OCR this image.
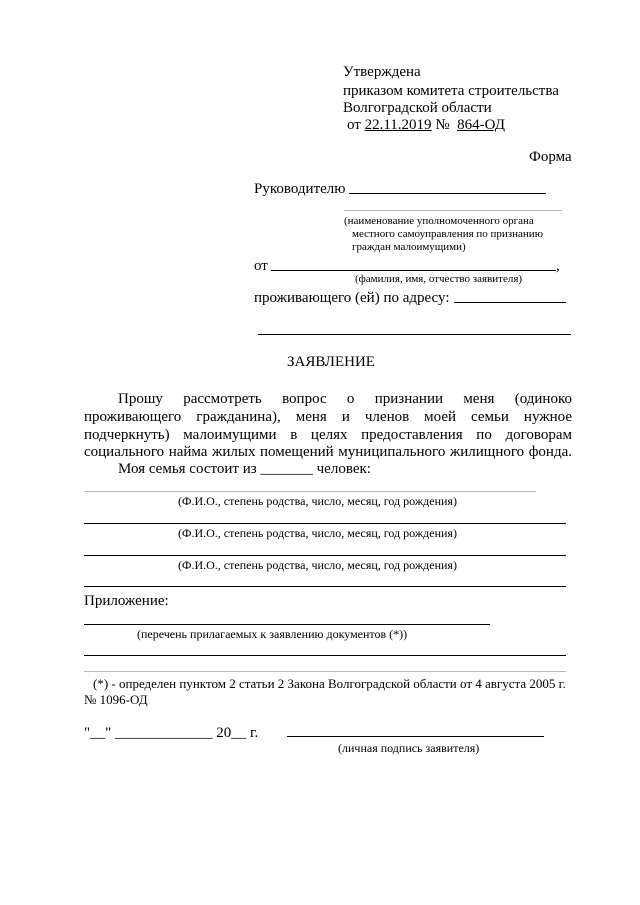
Утверждена
приказом комитета строительства
Волгоградской области
от 22.11.2019 № 864-ОД
Форма
Руководителю
(наименование уполномоченного органа
местного самоуправления по признанию
граждан малоимущими)
от	,
(фамилия, имя, отчество заявителя)
проживающего (ей) по адресу:
ЗАЯВЛЕНИЕ
Прошу рассмотреть вопрос о признании меня (одиноко
проживающего гражданина), меня и членов моей семьи нужное
подчеркнуть) малоимущими в целях предоставления по договорам
социального найма жилых помещений муниципального жилищного фонда.
Моя семья состоит из _______ человек:
(Ф.И.О., степень родства, число, месяц, год рождения)
(Ф.И.О., степень родства, число, месяц, год рождения)
(Ф.И.О., степень родства, число, месяц, год рождения)
Приложение:
(перечень прилагаемых к заявлению документов (*))
(*) - определен пунктом 2 статьи 2 Закона Волгоградской области от 4 августа 2005 г.
№ 1096-ОД
"__" _____________ 20__ г.
(личная подпись заявителя)
